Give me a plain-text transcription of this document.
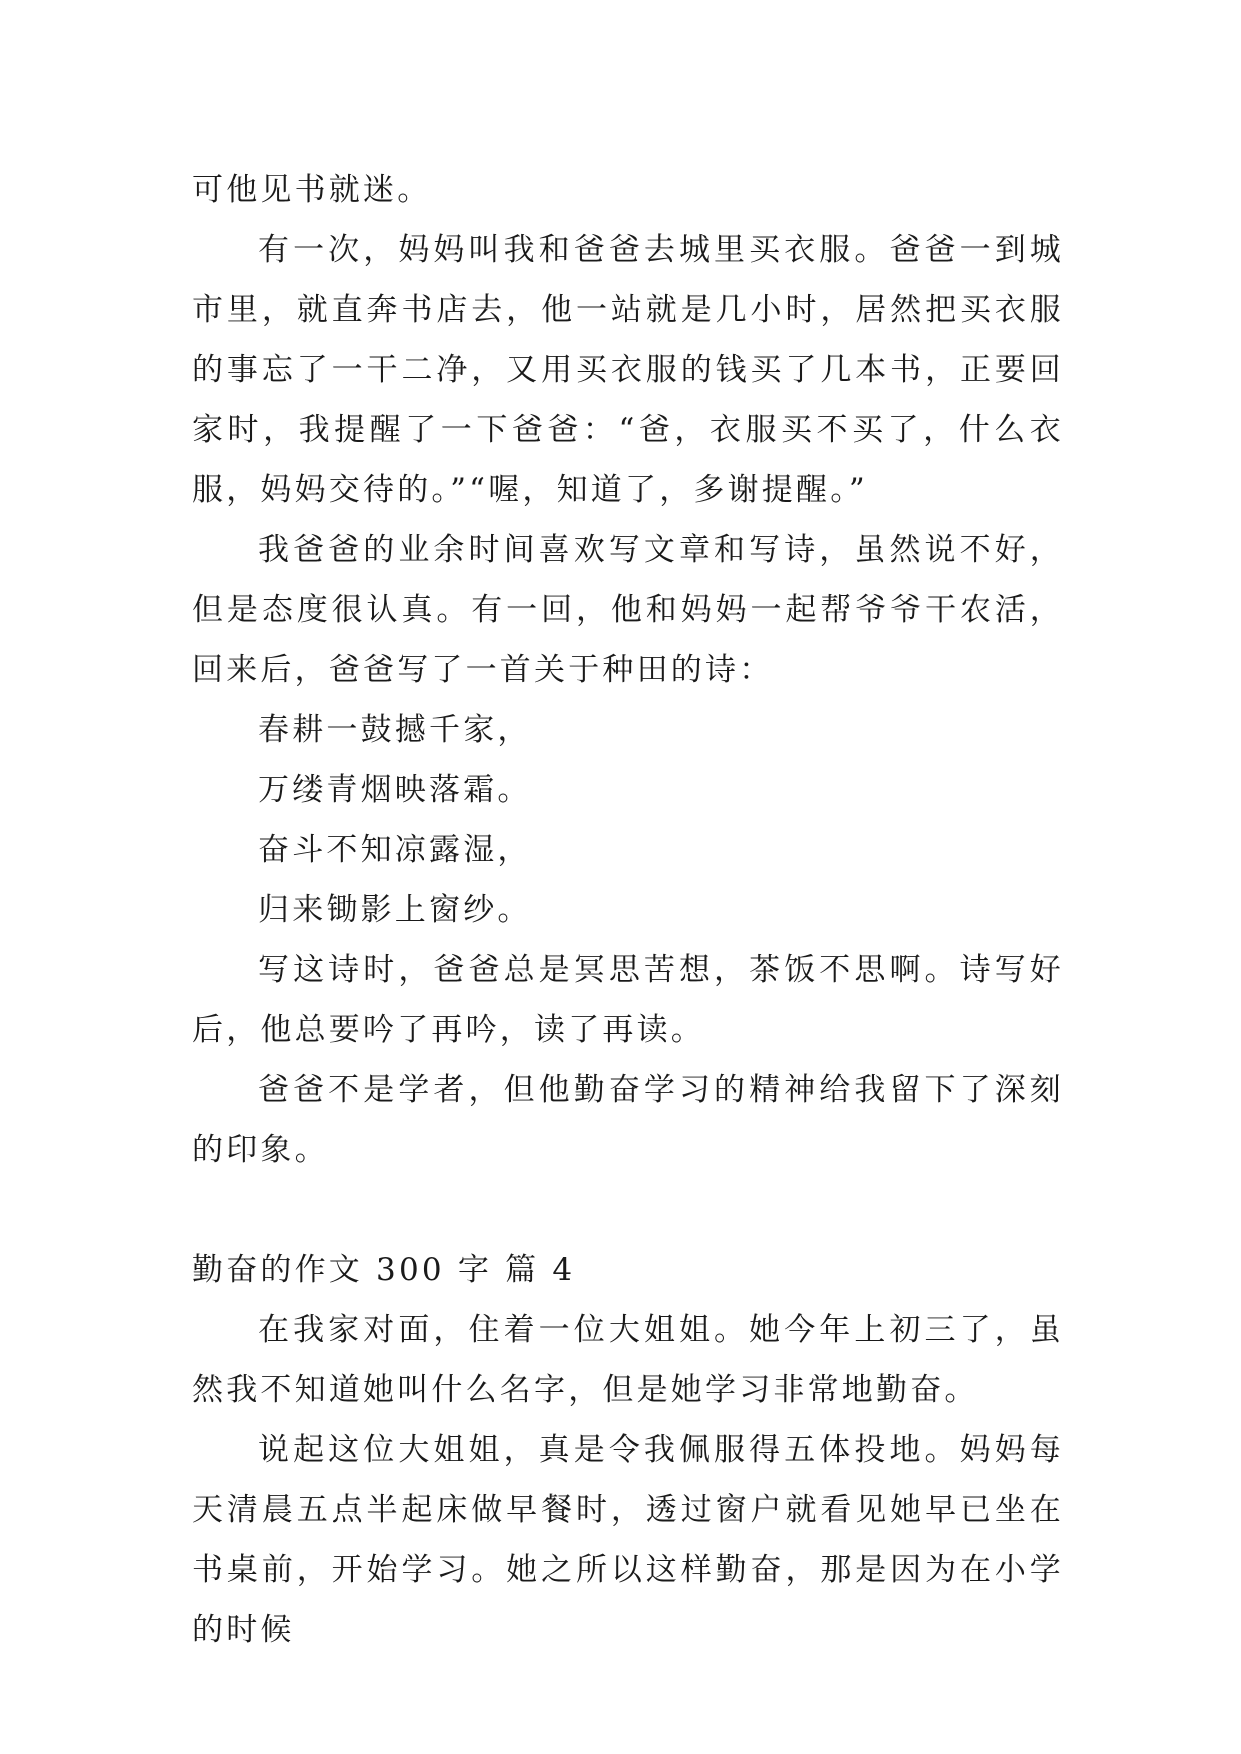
可他见书就迷。

有一次，妈妈叫我和爸爸去城里买衣服。爸爸一到城市里，就直奔书店去，他一站就是几小时，居然把买衣服的事忘了一干二净，又用买衣服的钱买了几本书，正要回家时，我提醒了一下爸爸：“爸，衣服买不买了，什么衣服，妈妈交待的。”“喔，知道了，多谢提醒。”

我爸爸的业余时间喜欢写文章和写诗，虽然说不好，但是态度很认真。有一回，他和妈妈一起帮爷爷干农活，回来后，爸爸写了一首关于种田的诗：

春耕一鼓撼千家，

万缕青烟映落霜。

奋斗不知凉露湿，

归来锄影上窗纱。

写这诗时，爸爸总是冥思苦想，茶饭不思啊。诗写好后，他总要吟了再吟，读了再读。

爸爸不是学者，但他勤奋学习的精神给我留下了深刻的印象。

勤奋的作文 300 字 篇 4

在我家对面，住着一位大姐姐。她今年上初三了，虽然我不知道她叫什么名字，但是她学习非常地勤奋。

说起这位大姐姐，真是令我佩服得五体投地。妈妈每天清晨五点半起床做早餐时，透过窗户就看见她早已坐在书桌前，开始学习。她之所以这样勤奋，那是因为在小学的时候
